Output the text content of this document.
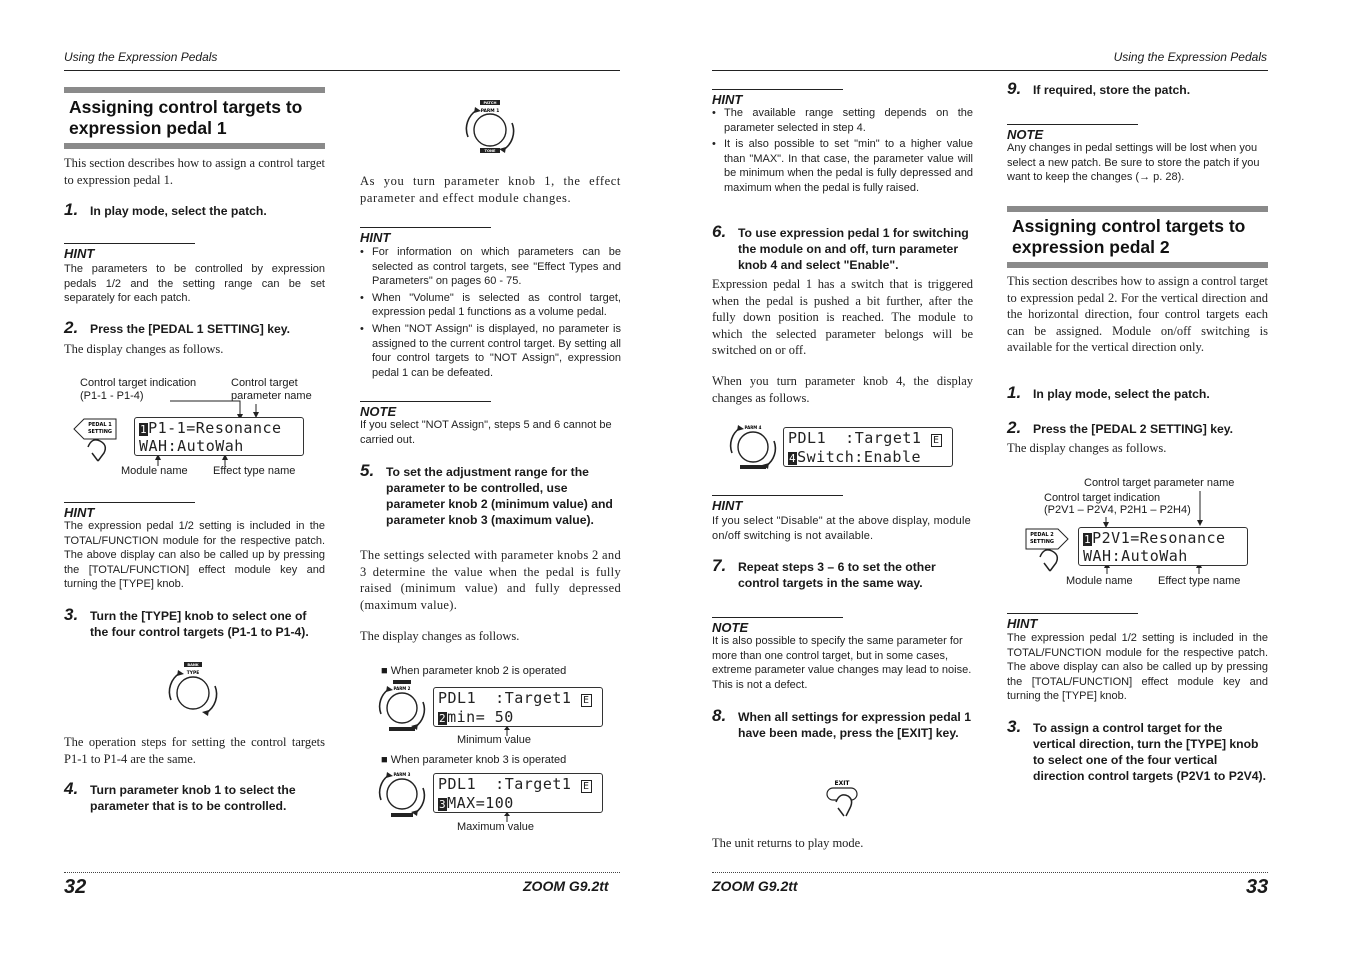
Using the Expression Pedals
Assigning control targets to expression pedal 1
This section describes how to assign a control target to expression pedal 1.
1. In play mode, select the patch.
HINT
The parameters to be controlled by expression pedals 1/2 and the setting range can be set separately for each patch.
2. Press the [PEDAL 1 SETTING] key.
The display changes as follows.
Control target indication
(P1-1 - P1-4)
Control target
parameter name
PEDAL 1
SETTING	1P1-1=Resonance
WAH:AutoWah
Module name Effect type name
HINT
The expression pedal 1/2 setting is included in the TOTAL/FUNCTION module for the respective patch. The above display can also be called up by pressing the [TOTAL/FUNCTION] effect module key and turning the [TYPE] knob.
3. Turn the [TYPE] knob to select one of the four control targets (P1-1 to P1-4).
BANK
TYPE
The operation steps for setting the control targets P1-1 to P1-4 are the same.
4. Turn parameter knob 1 to select the parameter that is to be controlled.
PATCH
PARM 1
TONE
As you turn parameter knob 1, the effect parameter and effect module changes.
HINT
• For information on which parameters can be selected as control targets, see "Effect Types and Parameters" on pages 60 - 75.
• When "Volume" is selected as control target, expression pedal 1 functions as a volume pedal.
• When "NOT Assign" is displayed, no parameter is assigned to the current control target. By setting all four control targets to "NOT Assign", expression pedal 1 can be defeated.
NOTE
If you select "NOT Assign", steps 5 and 6 cannot be carried out.
5. To set the adjustment range for the parameter to be controlled, use parameter knob 2 (minimum value) and parameter knob 3 (maximum value).
The settings selected with parameter knobs 2 and 3 determine the value when the pedal is fully raised (minimum value) and fully depressed (maximum value).
The display changes as follows.
■ When parameter knob 2 is operated
PARM 2
PDL1  :Target1 E
2min= 50
Minimum value
■ When parameter knob 3 is operated
PARM 3
PDL1  :Target1 E
3MAX=100
Maximum value
32	ZOOM G9.2tt
Using the Expression Pedals
HINT
• The available range setting depends on the parameter selected in step 4.
• It is also possible to set "min" to a higher value than "MAX". In that case, the parameter value will be minimum when the pedal is fully depressed and maximum when the pedal is fully raised.
6. To use expression pedal 1 for switching the module on and off, turn parameter knob 4 and select "Enable".
Expression pedal 1 has a switch that is triggered when the pedal is pushed a bit further, after the fully down position is reached. The module to which the selected parameter belongs will be switched on or off.
When you turn parameter knob 4, the display changes as follows.
PARM 4
PDL1  :Target1 E
4Switch:Enable
HINT
If you select "Disable" at the above display, module on/off switching is not available.
7. Repeat steps 3 – 6 to set the other control targets in the same way.
NOTE
It is also possible to specify the same parameter for more than one control target, but in some cases, extreme parameter value changes may lead to noise. This is not a defect.
8. When all settings for expression pedal 1 have been made, press the [EXIT] key.
EXIT
The unit returns to play mode.
9. If required, store the patch.
NOTE
Any changes in pedal settings will be lost when you select a new patch. Be sure to store the patch if you want to keep the changes (→ p. 28).
Assigning control targets to expression pedal 2
This section describes how to assign a control target to expression pedal 2. For the vertical direction and the horizontal direction, four control targets each can be assigned. Module on/off switching is available for the vertical direction only.
1. In play mode, select the patch.
2. Press the [PEDAL 2 SETTING] key.
The display changes as follows.
Control target parameter name
Control target indication
(P2V1 – P2V4, P2H1 – P2H4)
PEDAL 2
SETTING	1P2V1=Resonance
WAH:AutoWah
Module name Effect type name
HINT
The expression pedal 1/2 setting is included in the TOTAL/FUNCTION module for the respective patch. The above display can also be called up by pressing the [TOTAL/FUNCTION] effect module key and turning the [TYPE] knob.
3. To assign a control target for the vertical direction, turn the [TYPE] knob to select one of the four vertical direction control targets (P2V1 to P2V4).
ZOOM G9.2tt	33
